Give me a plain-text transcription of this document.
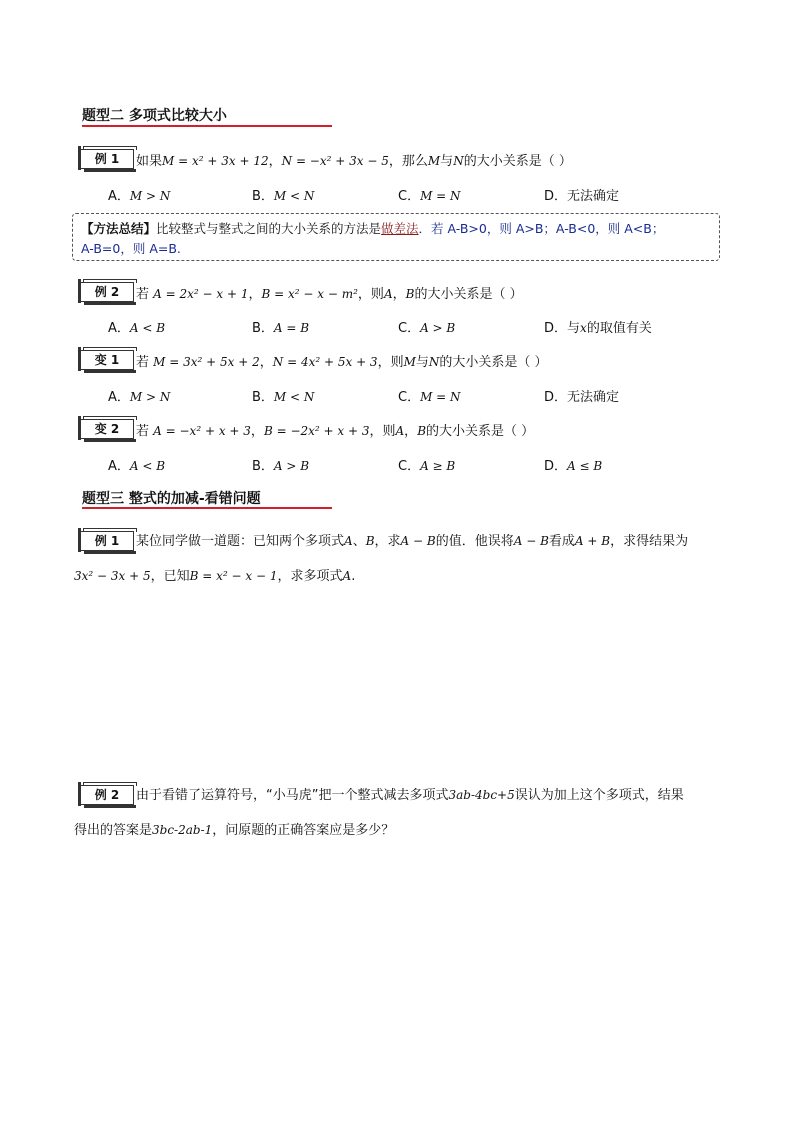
题型二 多项式比较大小
例 1	如果M = x² + 3x + 12，N = −x² + 3x − 5，那么M与N的大小关系是（ ）
A．M > N	B．M < N	C．M = N	D．无法确定
【方法总结】比较整式与整式之间的大小关系的方法是做差法．若 A-B>0，则 A>B；A-B<0，则 A<B；
A-B=0，则 A=B.
例 2	若 A = 2x² − x + 1，B = x² − x − m²，则A，B的大小关系是（ ）
A．A < B	B．A = B	C．A > B	D．与x的取值有关
变 1	若 M = 3x² + 5x + 2，N = 4x² + 5x + 3，则M与N的大小关系是（ ）
A．M > N	B．M < N	C．M = N	D．无法确定
变 2	若 A = −x² + x + 3，B = −2x² + x + 3，则A，B的大小关系是（ ）
A．A < B	B．A > B	C．A ≥ B	D．A ≤ B
题型三 整式的加减-看错问题
例 1	某位同学做一道题：已知两个多项式A、B，求A − B的值．他误将A − B看成A + B，求得结果为
3x² − 3x + 5，已知B = x² − x − 1，求多项式A.
例 2	由于看错了运算符号，“小马虎”把一个整式减去多项式3ab-4bc+5误认为加上这个多项式，结果
得出的答案是3bc-2ab-1，问原题的正确答案应是多少？
